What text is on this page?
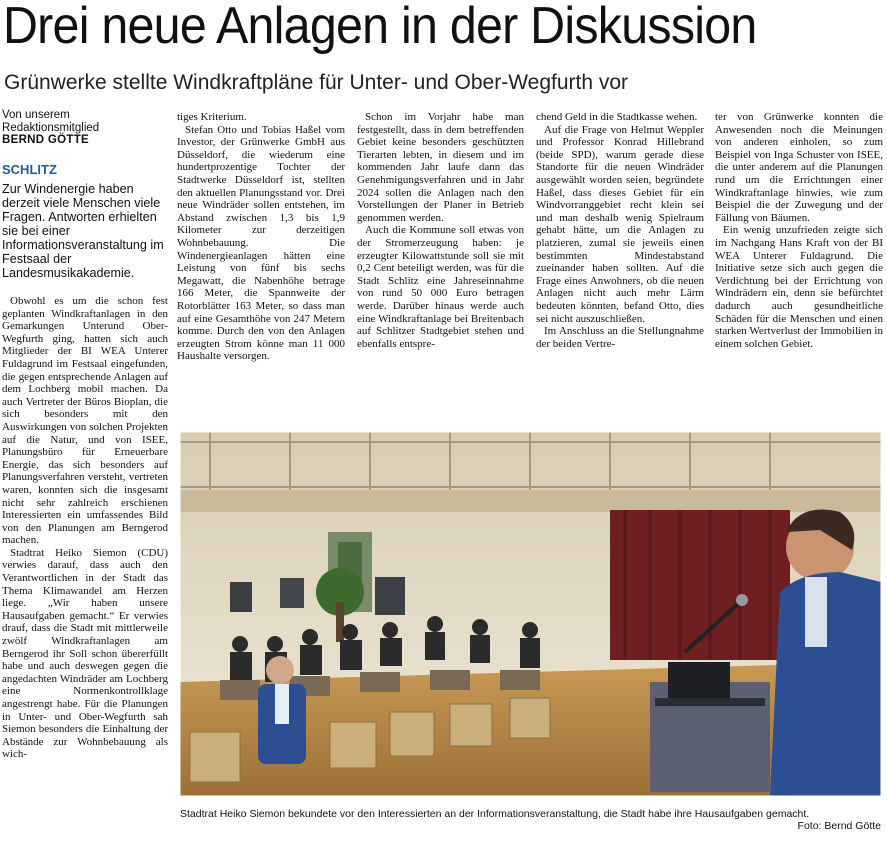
Drei neue Anlagen in der Diskussion
Grünwerke stellte Windkraftpläne für Unter- und Ober-Wegfurth vor
Von unserem
Redaktionsmitglied
BERND GÖTTE
SCHLITZ
Zur Windenergie haben derzeit viele Menschen viele Fragen. Antworten erhielten sie bei einer Informationsveranstaltung im Festsaal der Landesmusikakademie.

Obwohl es um die schon fest geplanten Windkraftanlagen in den Gemarkungen Unterund Ober-Wegfurth ging, hatten sich auch Mitglieder der BI WEA Unterer Fuldagrund im Festsaal eingefunden, die gegen entsprechende Anlagen auf dem Lochberg mobil machen. Da auch Vertreter der Büros Bioplan, die sich besonders mit den Auswirkungen von solchen Projekten auf die Natur, und von ISEE, Planungsbüro für Erneuerbare Energie, das sich besonders auf Planungsverfahren versteht, vertreten waren, konnten sich die insgesamt nicht sehr zahlreich erschienen Interessierten ein umfassendes Bild von den Planungen am Berngerod machen.

Stadtrat Heiko Siemon (CDU) verwies darauf, dass auch den Verantwortlichen in der Stadt das Thema Klimawandel am Herzen liege. „Wir haben unsere Hausaufgaben gemacht.“ Er verwies drauf, dass die Stadt mit mittlerweile zwölf Windkraftanlagen am Berngerod ihr Soll schon übererfüllt habe und auch deswegen gegen die angedachten Windräder am Lochberg eine Normenkontrollklage angestrengt habe. Für die Planungen in Unter- und Ober-Wegfurth sah Siemon besonders die Einhaltung der Abstände zur Wohnbebauung als wich-

tiges Kriterium.

Stefan Otto und Tobias Haßel vom Investor, der Grünwerke GmbH aus Düsseldorf, die wiederum eine hundertprozentige Tochter der Stadtwerke Düsseldorf ist, stellten den aktuellen Planungsstand vor. Drei neue Windräder sollen entstehen, im Abstand zwischen 1,3 bis 1,9 Kilometer zur derzeitigen Wohnbebauung. Die Windenergieanlagen hätten eine Leistung von fünf bis sechs Megawatt, die Nabenhöhe betrage 166 Meter, die Spannweite der Rotorblätter 163 Meter, so dass man auf eine Gesamthöhe von 247 Metern komme. Durch den von den Anlagen erzeugten Strom könne man 11 000 Haushalte versorgen.

Schon im Vorjahr habe man festgestellt, dass in dem betreffenden Gebiet keine besonders geschützten Tierarten lebten, in diesem und im kommenden Jahr laufe dann das Genehmigungsverfahren und in Jahr 2024 sollen die Anlagen nach den Vorstellungen der Planer in Betrieb genommen werden.

Auch die Kommune soll etwas von der Stromerzeugung haben: je erzeugter Kilowattstunde soll sie mit 0,2 Cent beteiligt werden, was für die Stadt Schlitz eine Jahreseinnahme von rund 50 000 Euro betragen werde. Darüber hinaus werde auch eine Windkraftanlage bei Breitenbach auf Schlitzer Stadtgebiet stehen und ebenfalls entspre-

chend Geld in die Stadtkasse wehen.

Auf die Frage von Helmut Weppler und Professor Konrad Hillebrand (beide SPD), warum gerade diese Standorte für die neuen Windräder ausgewählt worden seien, begründete Haßel, dass dieses Gebiet für ein Windvorranggebiet recht klein sei und man deshalb wenig Spielraum gehabt hätte, um die Anlagen zu platzieren, zumal sie jeweils einen bestimmten Mindestabstand zueinander haben sollten. Auf die Frage eines Anwohners, ob die neuen Anlagen nicht auch mehr Lärm bedeuten könnten, befand Otto, dies sei nicht auszuschließen.

Im Anschluss an die Stellungnahme der beiden Vertre-

ter von Grünwerke konnten die Anwesenden noch die Meinungen von anderen einholen, so zum Beispiel von Inga Schuster von ISEE, die unter anderem auf die Planungen rund um die Errichtungen einer Windkraftanlage hinwies, wie zum Beispiel die der Zuwegung und der Fällung von Bäumen.

Ein wenig unzufrieden zeigte sich im Nachgang Hans Kraft von der BI WEA Unterer Fuldagrund. Die Initiative setze sich auch gegen die Verdichtung bei der Errichtung von Windrädern ein, denn sie befürchtet dadurch auch gesundheitliche Schäden für die Menschen und einen starken Wertverlust der Immobilien in einem solchen Gebiet.

Stadtrat Heiko Siemon bekundete vor den Interessierten an der Informationsveranstaltung, die Stadt habe ihre Hausaufgaben gemacht.
Foto: Bernd Götte
